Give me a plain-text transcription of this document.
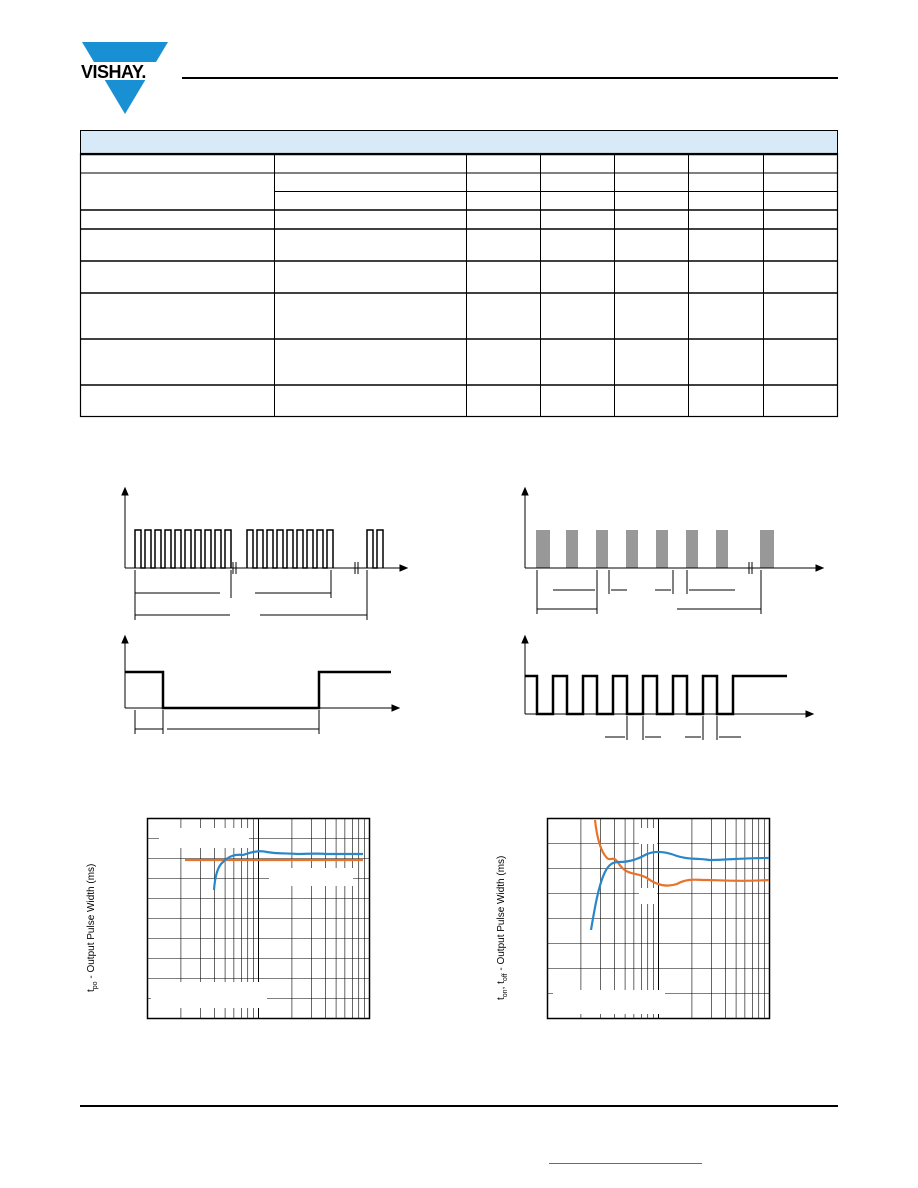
VISHAY.
$t_{po}$ - Output Pulse Width (ms)
$t_{on}$, $t_{off}$ - Output Pulse Width (ms)
